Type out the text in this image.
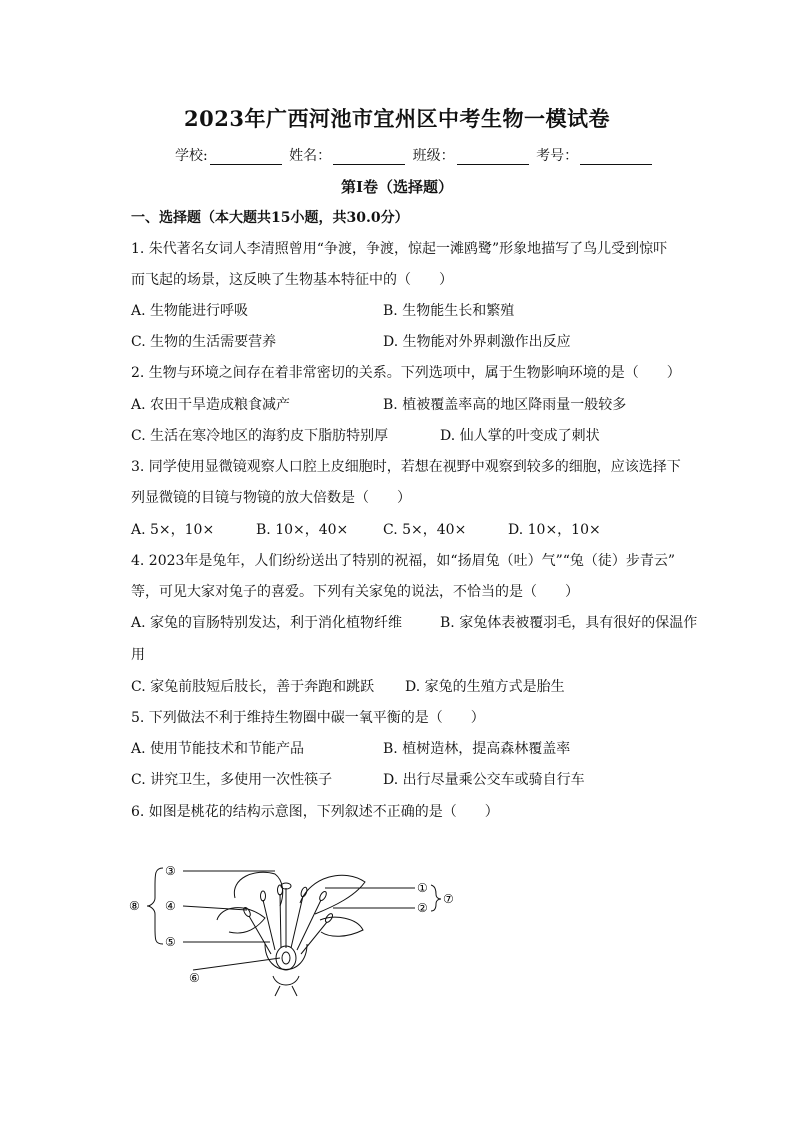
2023年广西河池市宜州区中考生物一模试卷
学校:	姓名：	班级：	考号：
第I卷（选择题）
一、选择题（本大题共15小题，共30.0分）
1. 朱代著名女词人李清照曾用“争渡，争渡，惊起一滩鸥鹭”形象地描写了鸟儿受到惊吓
而飞起的场景，这反映了生物基本特征中的（　　）
A. 生物能进行呼吸	B. 生物能生长和繁殖
C. 生物的生活需要营养	D. 生物能对外界刺激作出反应
2. 生物与环境之间存在着非常密切的关系。下列选项中，属于生物影响环境的是（　　）
A. 农田干旱造成粮食减产	B. 植被覆盖率高的地区降雨量一般较多
C. 生活在寒冷地区的海豹皮下脂肪特别厚	D. 仙人掌的叶变成了刺状
3. 同学使用显微镜观察人口腔上皮细胞时，若想在视野中观察到较多的细胞，应该选择下
列显微镜的目镜与物镜的放大倍数是（　　）
A. 5×，10×	B. 10×，40× C. 5×，40×	D. 10×，10×
4. 2023年是兔年，人们纷纷送出了特别的祝福，如“扬眉兔（吐）气”“兔（徒）步青云”
等，可见大家对兔子的喜爱。下列有关家兔的说法，不恰当的是（　　）
A. 家兔的盲肠特别发达，利于消化植物纤维	B. 家兔体表被覆羽毛，具有很好的保温作
用
C. 家兔前肢短后肢长，善于奔跑和跳跃 D. 家兔的生殖方式是胎生
5. 下列做法不利于维持生物圈中碳一氧平衡的是（　　）
A. 使用节能技术和节能产品	B. 植树造林，提高森林覆盖率
C. 讲究卫生，多使用一次性筷子	D. 出行尽量乘公交车或骑自行车
6. 如图是桃花的结构示意图，下列叙述不正确的是（　　）
③
④
⑤
⑥
①
②
⑦
⑧
